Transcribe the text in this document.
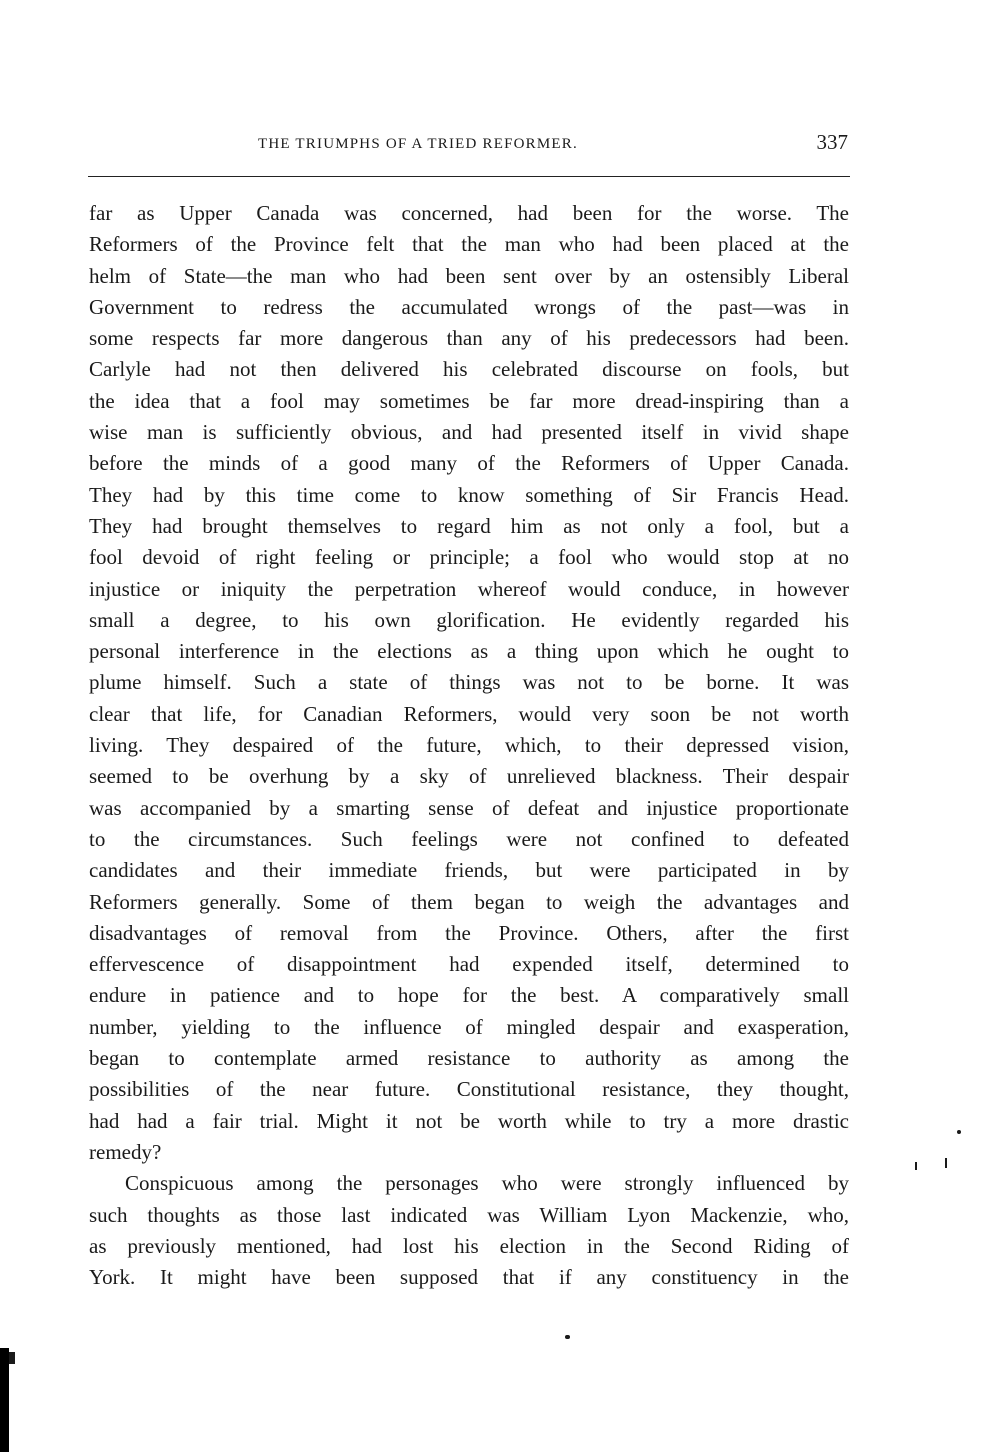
THE TRIUMPHS OF A TRIED REFORMER.	337
far as Upper Canada was concerned, had been for the worse. The
Reformers of the Province felt that the man who had been placed at the
helm of State—the man who had been sent over by an ostensibly Liberal
Government to redress the accumulated wrongs of the past—was in
some respects far more dangerous than any of his predecessors had been.
Carlyle had not then delivered his celebrated discourse on fools, but
the idea that a fool may sometimes be far more dread-inspiring than a
wise man is sufficiently obvious, and had presented itself in vivid shape
before the minds of a good many of the Reformers of Upper Canada.
They had by this time come to know something of Sir Francis Head.
They had brought themselves to regard him as not only a fool, but a
fool devoid of right feeling or principle; a fool who would stop at no
injustice or iniquity the perpetration whereof would conduce, in however
small a degree, to his own glorification. He evidently regarded his
personal interference in the elections as a thing upon which he ought to
plume himself. Such a state of things was not to be borne. It was
clear that life, for Canadian Reformers, would very soon be not worth
living. They despaired of the future, which, to their depressed vision,
seemed to be overhung by a sky of unrelieved blackness. Their despair
was accompanied by a smarting sense of defeat and injustice proportionate
to the circumstances. Such feelings were not confined to defeated
candidates and their immediate friends, but were participated in by
Reformers generally. Some of them began to weigh the advantages and
disadvantages of removal from the Province. Others, after the first
effervescence of disappointment had expended itself, determined to
endure in patience and to hope for the best. A comparatively small
number, yielding to the influence of mingled despair and exasperation,
began to contemplate armed resistance to authority as among the
possibilities of the near future. Constitutional resistance, they thought,
had had a fair trial. Might it not be worth while to try a more drastic
remedy?
Conspicuous among the personages who were strongly influenced by
such thoughts as those last indicated was William Lyon Mackenzie, who,
as previously mentioned, had lost his election in the Second Riding of
York. It might have been supposed that if any constituency in the
